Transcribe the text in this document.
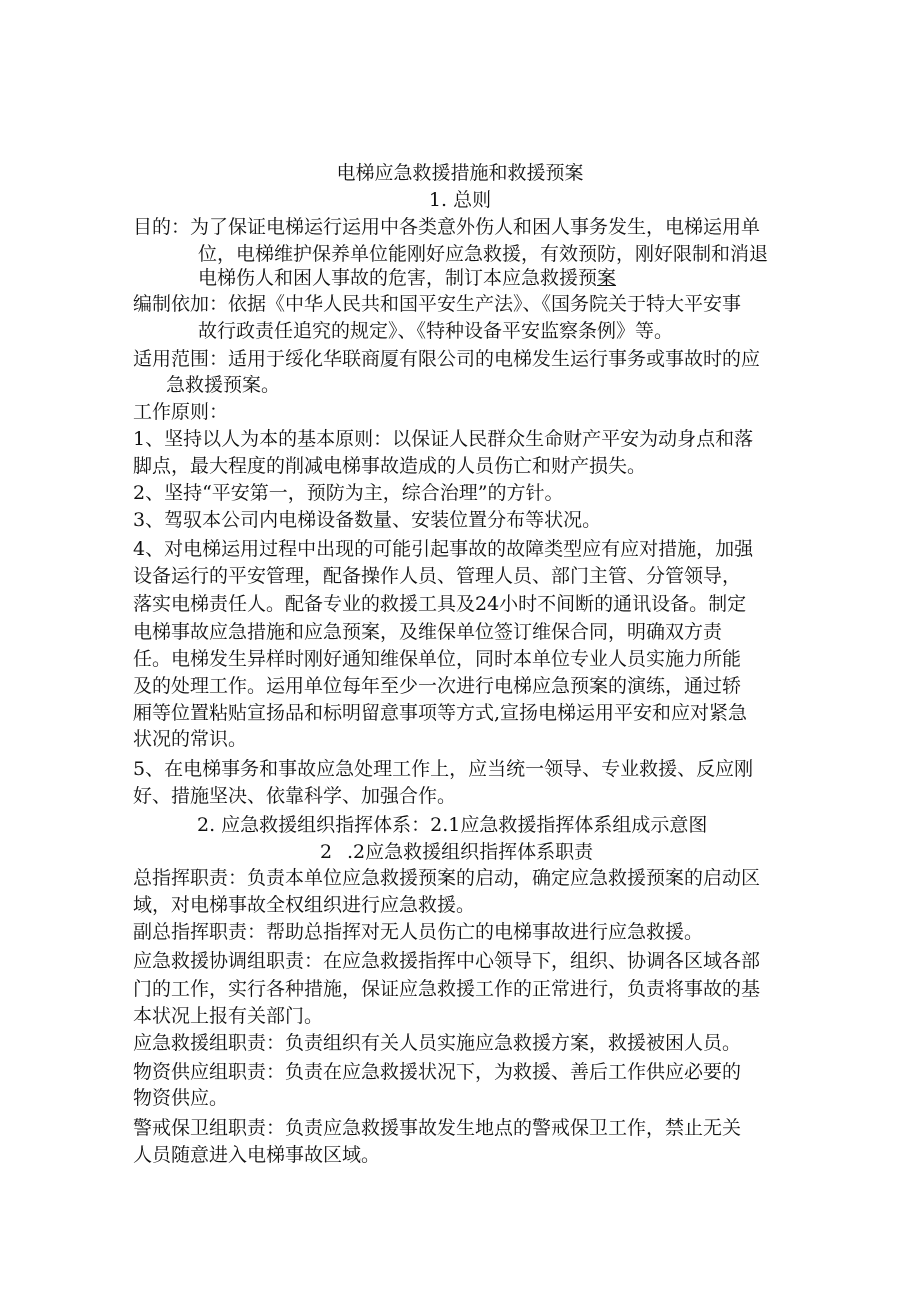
电梯应急救援措施和救援预案
1. 总则
目的：为了保证电梯运行运用中各类意外伤人和困人事务发生，电梯运用单
位，电梯维护保养单位能刚好应急救援，有效预防，刚好限制和消退
电梯伤人和困人事故的危害，制订本应急救援预案
编制依加：依据《中华人民共和国平安生产法》、《国务院关于特大平安事
故行政责任追究的规定》、《特种设备平安监察条例》等。
适用范围：适用于绥化华联商厦有限公司的电梯发生运行事务或事故时的应
急救援预案。
工作原则：
1、坚持以人为本的基本原则：以保证人民群众生命财产平安为动身点和落
脚点，最大程度的削减电梯事故造成的人员伤亡和财产损失。
2、坚持“平安第一，预防为主，综合治理”的方针。
3、驾驭本公司内电梯设备数量、安装位置分布等状况。
4、对电梯运用过程中出现的可能引起事故的故障类型应有应对措施，加强
设备运行的平安管理，配备操作人员、管理人员、部门主管、分管领导，
落实电梯责任人。配备专业的救援工具及24小时不间断的通讯设备。制定
电梯事故应急措施和应急预案，及维保单位签订维保合同，明确双方责
任。电梯发生异样时刚好通知维保单位，同时本单位专业人员实施力所能
及的处理工作。运用单位每年至少一次进行电梯应急预案的演练，通过轿
厢等位置粘贴宣扬品和标明留意事项等方式,宣扬电梯运用平安和应对紧急
状况的常识。
5、在电梯事务和事故应急处理工作上，应当统一领导、专业救援、反应刚
好、措施坚决、依靠科学、加强合作。
2. 应急救援组织指挥体系：2.1应急救援指挥体系组成示意图
2 .2应急救援组织指挥体系职责
总指挥职责：负责本单位应急救援预案的启动，确定应急救援预案的启动区
域，对电梯事故全权组织进行应急救援。
副总指挥职责：帮助总指挥对无人员伤亡的电梯事故进行应急救援。
应急救援协调组职责：在应急救援指挥中心领导下，组织、协调各区域各部
门的工作，实行各种措施，保证应急救援工作的正常进行，负责将事故的基
本状况上报有关部门。
应急救援组职责：负责组织有关人员实施应急救援方案，救援被困人员。
物资供应组职责：负责在应急救援状况下，为救援、善后工作供应必要的
物资供应。
警戒保卫组职责：负责应急救援事故发生地点的警戒保卫工作，禁止无关
人员随意进入电梯事故区域。
